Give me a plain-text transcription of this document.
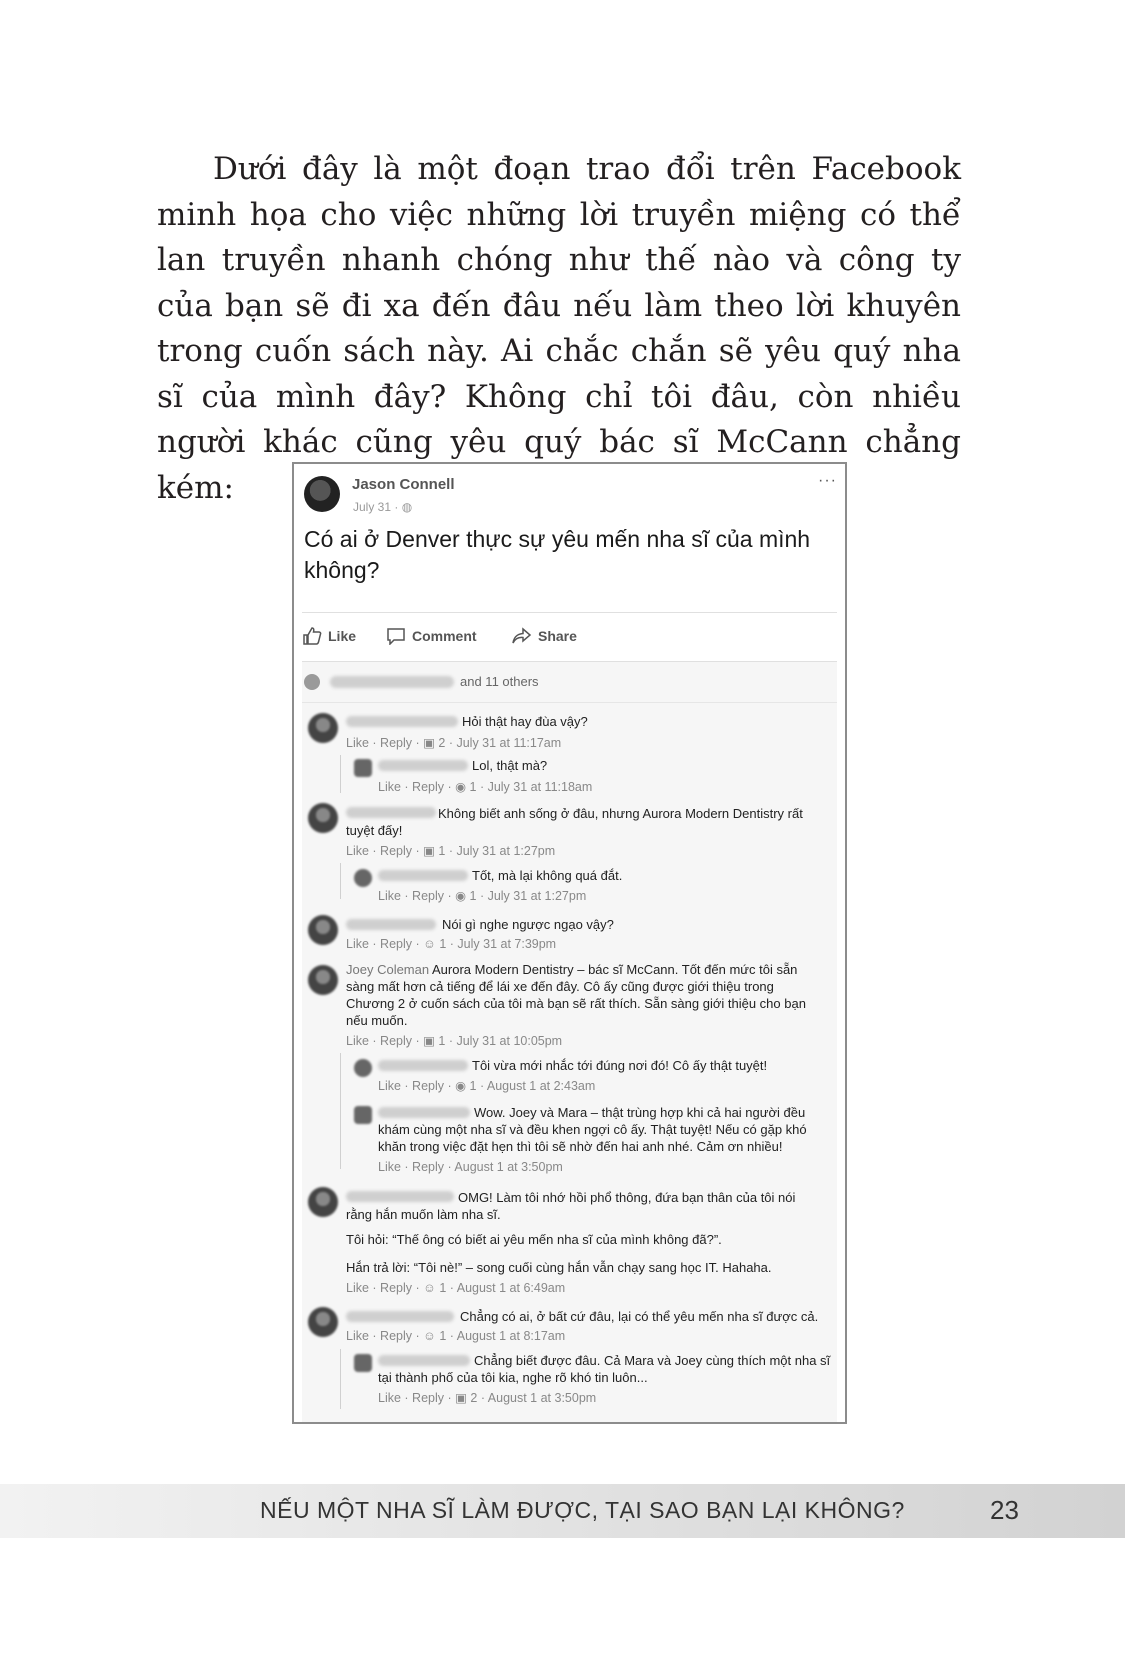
Dưới đây là một đoạn trao đổi trên Facebook minh họa cho việc những lời truyền miệng có thể lan truyền nhanh chóng như thế nào và công ty của bạn sẽ đi xa đến đâu nếu làm theo lời khuyên trong cuốn sách này. Ai chắc chắn sẽ yêu quý nha sĩ của mình đây? Không chỉ tôi đâu, còn nhiều người khác cũng yêu quý bác sĩ McCann chẳng kém:	Jason Connell
July 31 · ◍
···

Có ai ở Denver thực sự yêu mến nha sĩ của mình không?

Like	Comment	Share
and 11 others
Hỏi thật hay đùa vậy?
Like · Reply · ▣ 2 · July 31 at 11:17am
Lol, thật mà?
Like · Reply · ◉ 1 · July 31 at 11:18am
Không biết anh sống ở đâu, nhưng Aurora Modern Dentistry rất tuyệt đấy!
Like · Reply · ▣ 1 · July 31 at 1:27pm
Tốt, mà lại không quá đắt.
Like · Reply · ◉ 1 · July 31 at 1:27pm
Nói gì nghe ngược ngạo vậy?
Like · Reply · ☺ 1 · July 31 at 7:39pm
Joey Coleman Aurora Modern Dentistry – bác sĩ McCann. Tốt đến mức tôi sẵn sàng mất hơn cả tiếng để lái xe đến đây. Cô ấy cũng được giới thiệu trong Chương 2 ở cuốn sách của tôi mà bạn sẽ rất thích. Sẵn sàng giới thiệu cho bạn nếu muốn.
Like · Reply · ▣ 1 · July 31 at 10:05pm
Tôi vừa mới nhắc tới đúng nơi đó! Cô ấy thật tuyệt!
Like · Reply · ◉ 1 · August 1 at 2:43am
Wow. Joey và Mara – thật trùng hợp khi cả hai người đều khám cùng một nha sĩ và đều khen ngợi cô ấy. Thật tuyệt! Nếu có gặp khó khăn trong việc đặt hẹn thì tôi sẽ nhờ đến hai anh nhé. Cảm ơn nhiều!
Like · Reply · August 1 at 3:50pm
OMG! Làm tôi nhớ hồi phổ thông, đứa bạn thân của tôi nói rằng hắn muốn làm nha sĩ.
Tôi hỏi: “Thế ông có biết ai yêu mến nha sĩ của mình không đã?”.
Hắn trả lời: “Tôi nè!” – song cuối cùng hắn vẫn chạy sang học IT. Hahaha.
Like · Reply · ☺ 1 · August 1 at 6:49am
Chẳng có ai, ở bất cứ đâu, lại có thể yêu mến nha sĩ được cả.
Like · Reply · ☺ 1 · August 1 at 8:17am
Chẳng biết được đâu. Cả Mara và Joey cùng thích một nha sĩ tại thành phố của tôi kia, nghe rõ khó tin luôn...
Like · Reply · ▣ 2 · August 1 at 3:50pm
NẾU MỘT NHA SĨ LÀM ĐƯỢC, TẠI SAO BẠN LẠI KHÔNG?	23
